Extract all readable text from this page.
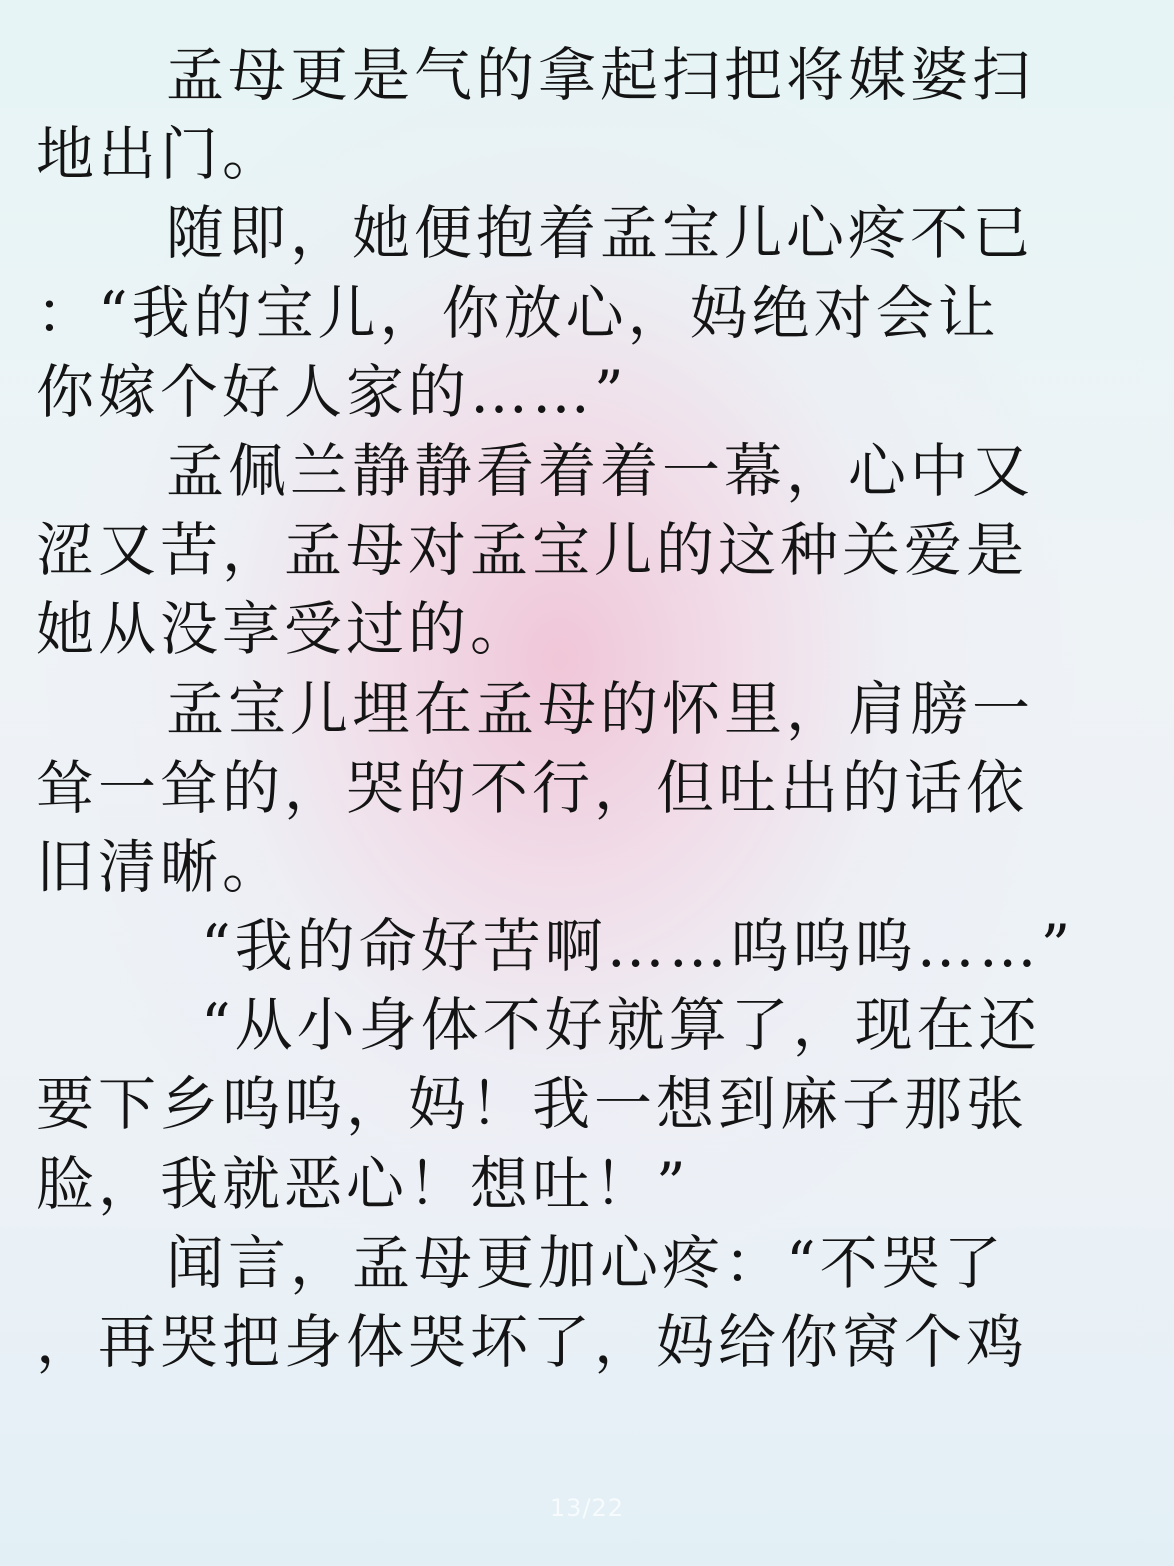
孟母更是气的拿起扫把将媒婆扫
地出门。
随即，她便抱着孟宝儿心疼不已
：“我的宝儿，你放心，妈绝对会让
你嫁个好人家的……”
孟佩兰静静看着着一幕，心中又
涩又苦，孟母对孟宝儿的这种关爱是
她从没享受过的。
孟宝儿埋在孟母的怀里，肩膀一
耸一耸的，哭的不行，但吐出的话依
旧清晰。
“我的命好苦啊……呜呜呜……”
“从小身体不好就算了，现在还
要下乡呜呜，妈！我一想到麻子那张
脸，我就恶心！想吐！”
闻言，孟母更加心疼：“不哭了
，再哭把身体哭坏了，妈给你窝个鸡
13/22
